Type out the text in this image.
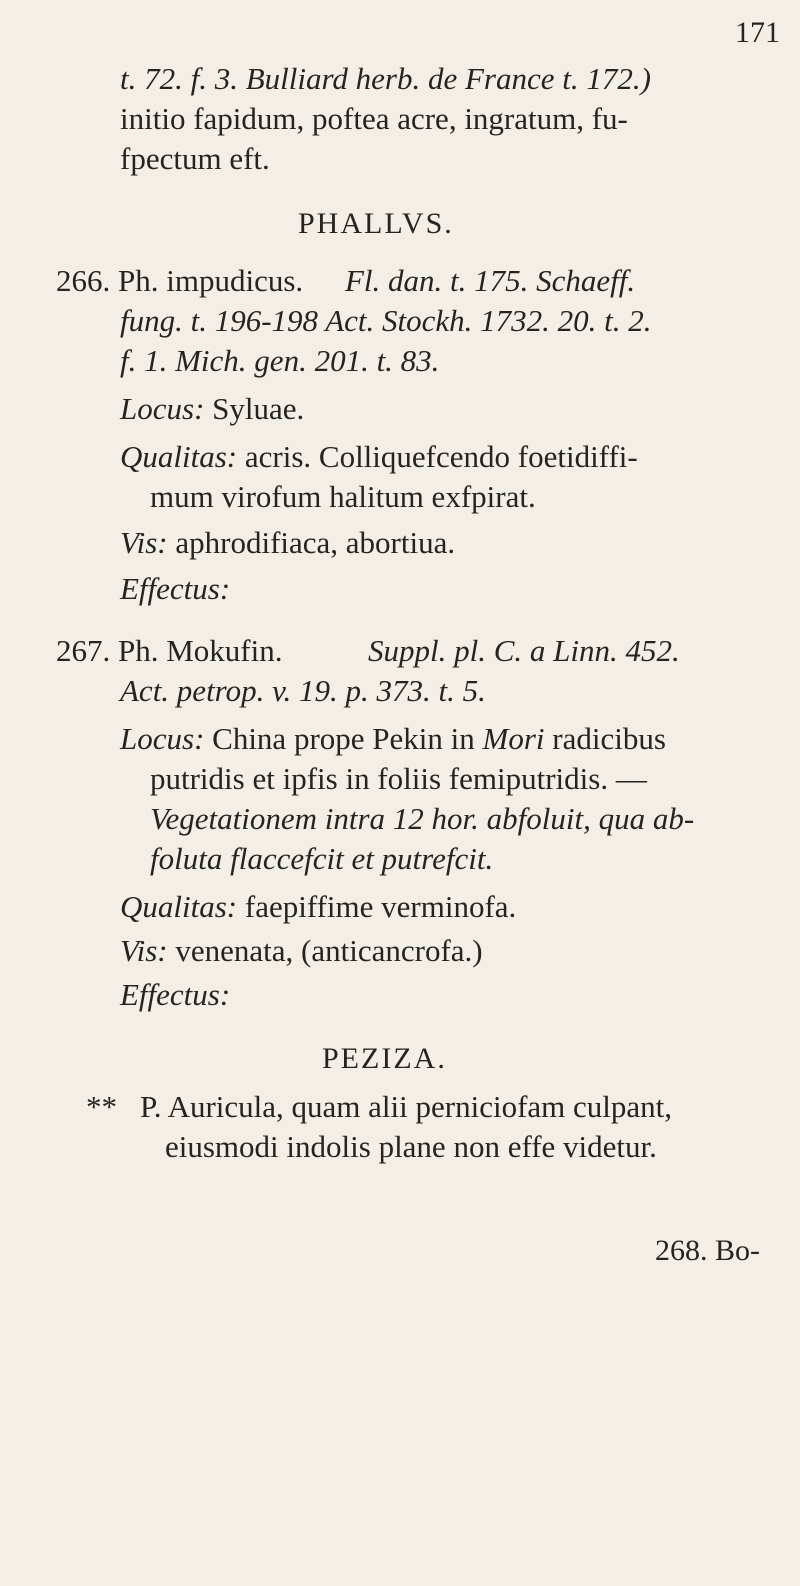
171
t. 72. f. 3. Bulliard herb. de France t. 172.)
initio fapidum, poftea acre, ingratum, fu-
fpectum eft.
PHALLVS.
266. Ph. impudicus. Fl. dan. t. 175. Schaeff.
fung. t. 196-198 Act. Stockh. 1732. 20. t. 2.
f. 1. Mich. gen. 201. t. 83.
Locus: Syluae.
Qualitas: acris. Colliquefcendo foetidiffi-
mum virofum halitum exfpirat.
Vis: aphrodifiaca, abortiua.
Effectus:
267. Ph. Mokufin.	Suppl. pl. C. a Linn. 452.
Act. petrop. v. 19. p. 373. t. 5.
Locus: China prope Pekin in Mori radicibus
putridis et ipfis in foliis femiputridis. —
Vegetationem intra 12 hor. abfoluit, qua ab-
foluta flaccefcit et putrefcit.
Qualitas: faepiffime verminofa.
Vis: venenata, (anticancrofa.)
Effectus:
PEZIZA.
** P. Auricula, quam alii perniciofam culpant,
eiusmodi indolis plane non effe videtur.
268. Bo-
